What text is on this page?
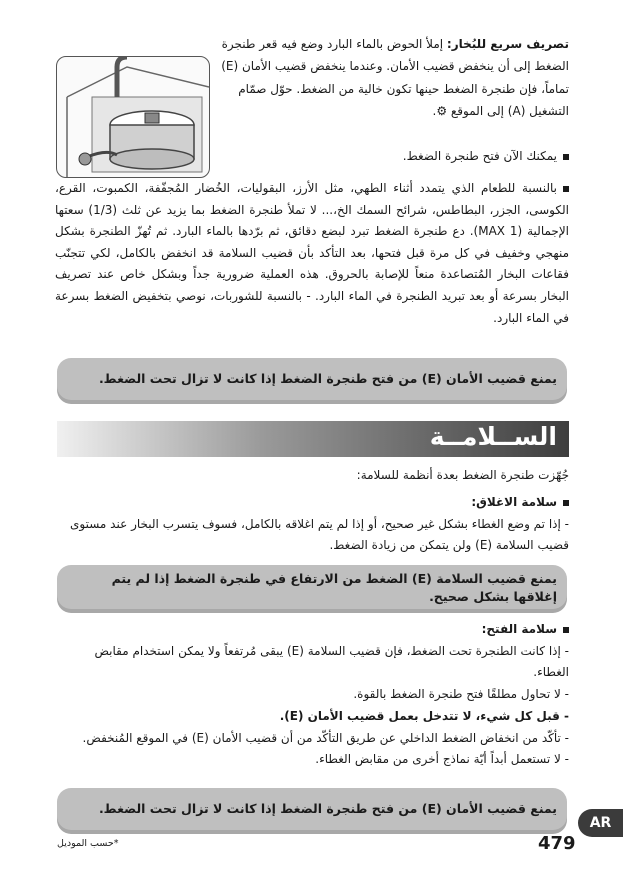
تصريف سريع للبُخار: إملأ الحوض بالماء البارد وضع فيه قعر طنجرة الضغط إلى أن ينخفض قضيب الأمان. وعندما ينخفض قضيب الأمان (E) تماماً، فإن طنجرة الضغط حينها تكون خالية من الضغط. حوّل صمّام التشغيل (A) إلى الموقع ⚙.

يمكنك الآن فتح طنجرة الضغط.

بالنسبة للطعام الذي يتمدد أثناء الطهي، مثل الأرز، البقوليات، الخُضار المُجفّفة، الكمبوت، القرع، الكوسى، الجزر، البطاطس، شرائح السمك الخ،... لا تملأ طنجرة الضغط بما يزيد عن ثلث (1/3) سعتها الإجمالية (MAX 1). دع طنجرة الضغط تبرد لبضع دقائق، ثم برّدها بالماء البارد. ثم تُهزّ الطنجرة بشكل منهجي وخفيف في كل مرة قبل فتحها، بعد التأكد بأن قضيب السلامة قد انخفض بالكامل، لكي تتجنّب فقاعات البخار المُتصاعدة منعاً للإصابة بالحروق. هذه العملية ضرورية جداً وبشكل خاص عند تصريف البخار بسرعة أو بعد تبريد الطنجرة في الماء البارد. - بالنسبة للشوربات، نوصي بتخفيض الضغط بسرعة في الماء البارد.

يمنع قضيب الأمان (E) من فتح طنجرة الضغط إذا كانت لا تزال تحت الضغط.

الســلامــة

جُهّزت طنجرة الضغط بعدة أنظمة للسلامة:

سلامة الاغلاق:

- إذا تم وضع الغطاء بشكل غير صحيح، أو إذا لم يتم اغلاقه بالكامل، فسوف يتسرب البخار عند مستوى قضيب السلامة (E) ولن يتمكن من زيادة الضغط.

يمنع قضيب السلامة (E) الضغط من الارتفاع في طنجرة الضغط إذا لم يتم إغلاقها بشكل صحيح.

سلامة الفتح:

- إذا كانت الطنجرة تحت الضغط، فإن قضيب السلامة (E) يبقى مُرتفعاً ولا يمكن استخدام مقابض الغطاء.

- لا تحاول مطلقًا فتح طنجرة الضغط بالقوة.

- قبل كل شيء، لا تتدخل بعمل قضيب الأمان (E).

- تأكّد من انخفاض الضغط الداخلي عن طريق التأكّد من أن قضيب الأمان (E) في الموقع المُنخفض.

- لا تستعمل أبداً أيّة نماذج أخرى من مقابض الغطاء.

يمنع قضيب الأمان (E) من فتح طنجرة الضغط إذا كانت لا تزال تحت الضغط.

AR
479
*حسب الموديل
